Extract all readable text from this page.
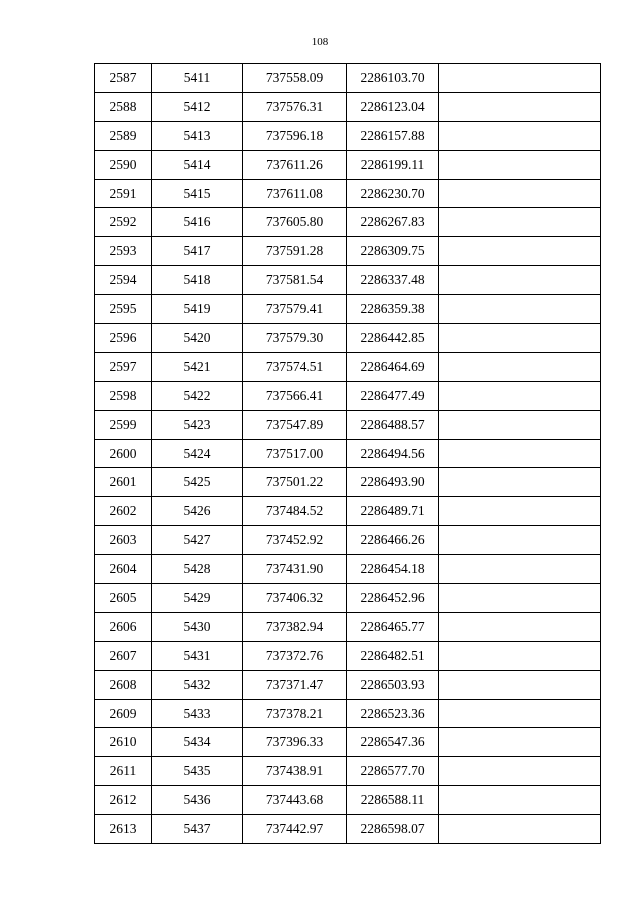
108
2587	5411	737558.09	2286103.70	
2588	5412	737576.31	2286123.04	
2589	5413	737596.18	2286157.88	
2590	5414	737611.26	2286199.11	
2591	5415	737611.08	2286230.70	
2592	5416	737605.80	2286267.83	
2593	5417	737591.28	2286309.75	
2594	5418	737581.54	2286337.48	
2595	5419	737579.41	2286359.38	
2596	5420	737579.30	2286442.85	
2597	5421	737574.51	2286464.69	
2598	5422	737566.41	2286477.49	
2599	5423	737547.89	2286488.57	
2600	5424	737517.00	2286494.56	
2601	5425	737501.22	2286493.90	
2602	5426	737484.52	2286489.71	
2603	5427	737452.92	2286466.26	
2604	5428	737431.90	2286454.18	
2605	5429	737406.32	2286452.96	
2606	5430	737382.94	2286465.77	
2607	5431	737372.76	2286482.51	
2608	5432	737371.47	2286503.93	
2609	5433	737378.21	2286523.36	
2610	5434	737396.33	2286547.36	
2611	5435	737438.91	2286577.70	
2612	5436	737443.68	2286588.11	
2613	5437	737442.97	2286598.07	
